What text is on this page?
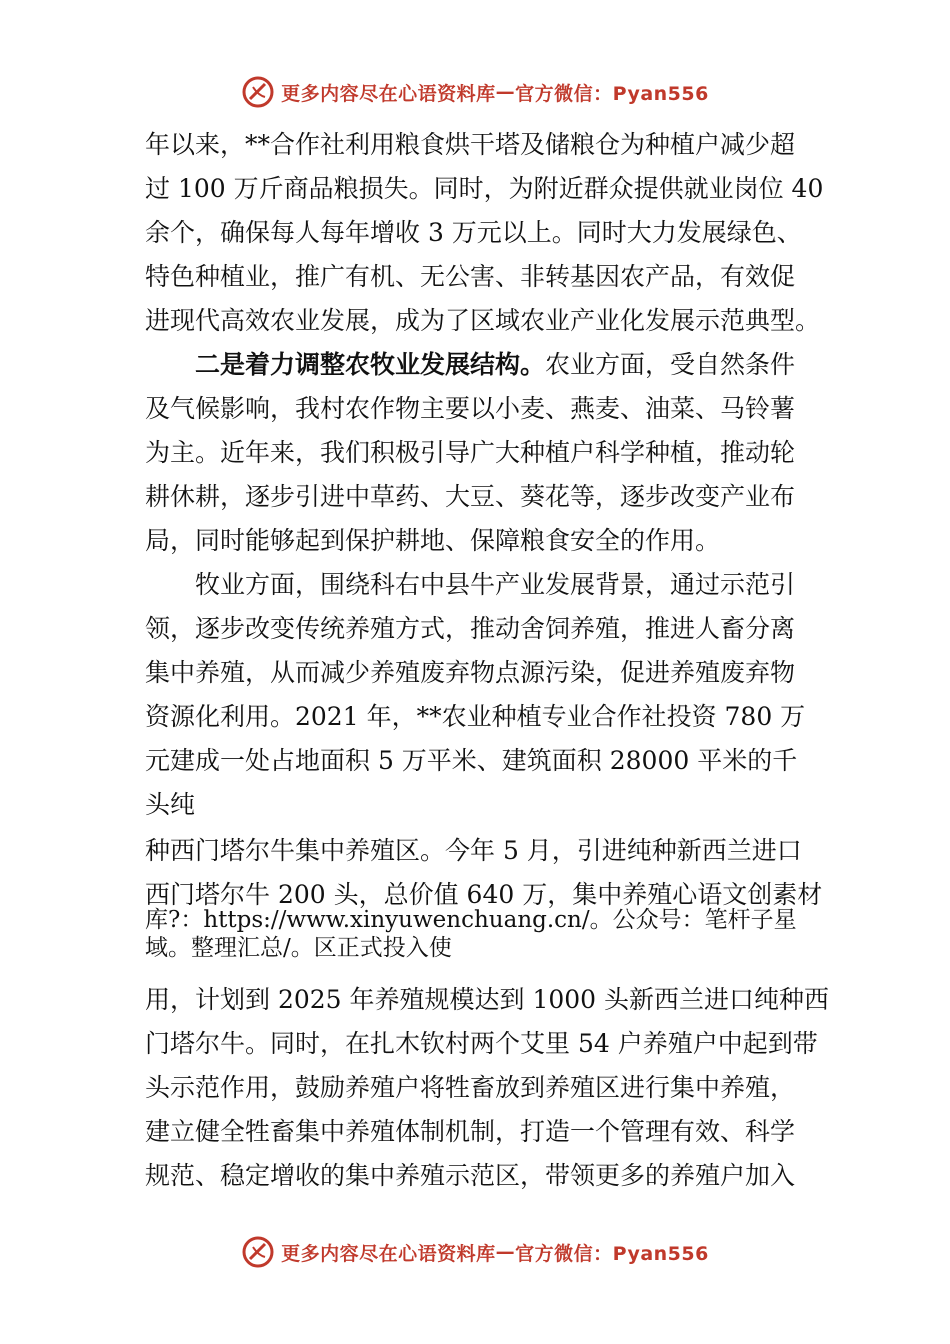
更多内容尽在心语资料库 — 官方微信：Pyan556
年以来，**合作社利用粮食烘干塔及储粮仓为种植户减少超
过 100 万斤商品粮损失。同时，为附近群众提供就业岗位 40
余个，确保每人每年增收 3 万元以上。同时大力发展绿色、
特色种植业，推广有机、无公害、非转基因农产品，有效促
进现代高效农业发展，成为了区域农业产业化发展示范典型。
二是着力调整农牧业发展结构。农业方面，受自然条件
及气候影响，我村农作物主要以小麦、燕麦、油菜、马铃薯
为主。近年来，我们积极引导广大种植户科学种植，推动轮
耕休耕，逐步引进中草药、大豆、葵花等，逐步改变产业布
局，同时能够起到保护耕地、保障粮食安全的作用。
牧业方面，围绕科右中县牛产业发展背景，通过示范引
领，逐步改变传统养殖方式，推动舍饲养殖，推进人畜分离
集中养殖，从而减少养殖废弃物点源污染，促进养殖废弃物
资源化利用。2021 年，**农业种植专业合作社投资 780 万
元建成一处占地面积 5 万平米、建筑面积 28000 平米的千
头纯
种西门塔尔牛集中养殖区。今年 5 月，引进纯种新西兰进口
西门塔尔牛 200 头，总价值 640 万，集中养殖心语文创素材
库?：https://www.xinyuwenchuang.cn/。公众号：笔杆子星
域。整理汇总/。区正式投入使
用，计划到 2025 年养殖规模达到 1000 头新西兰进口纯种西
门塔尔牛。同时，在扎木钦村两个艾里 54 户养殖户中起到带
头示范作用，鼓励养殖户将牲畜放到养殖区进行集中养殖，
建立健全牲畜集中养殖体制机制，打造一个管理有效、科学
规范、稳定增收的集中养殖示范区，带领更多的养殖户加入
更多内容尽在心语资料库 — 官方微信：Pyan556
